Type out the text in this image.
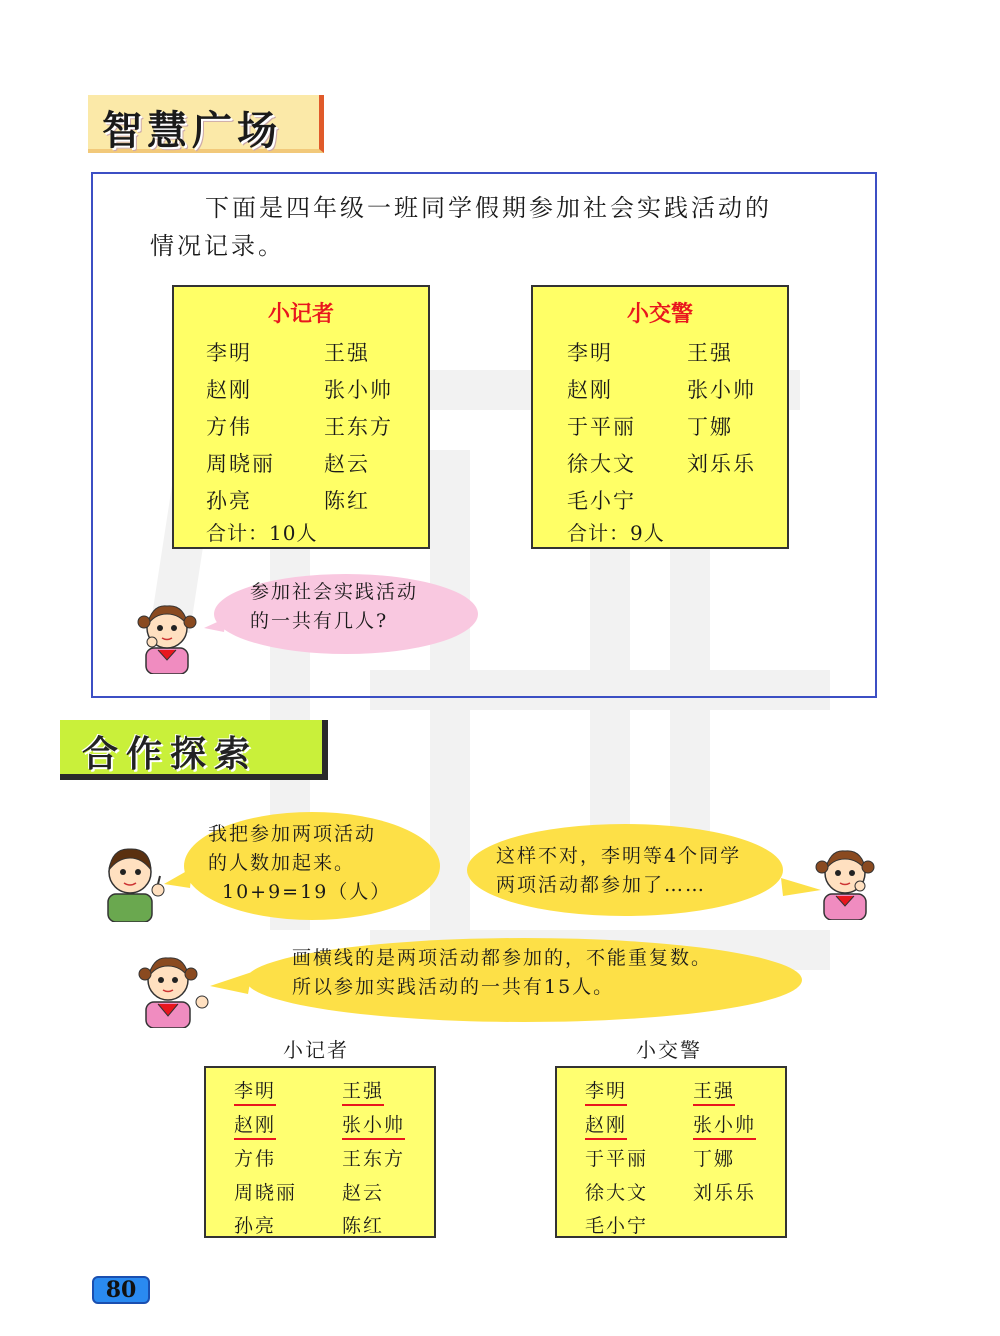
智慧广场
下面是四年级一班同学假期参加社会实践活动的
情况记录。
小记者
李明	王强
赵刚	张小帅
方伟	王东方
周晓丽 赵云
孙亮	陈红
合计：10人
小交警
李明	王强
赵刚	张小帅
于平丽 丁娜
徐大文 刘乐乐
毛小宁
合计：9人
参加社会实践活动
的一共有几人?
合作探索
我把参加两项活动
的人数加起来。
10+9=19（人）
这样不对，李明等4个同学
两项活动都参加了……
画横线的是两项活动都参加的，不能重复数。
所以参加实践活动的一共有15人。
小记者	小交警
李明	王强
赵刚	张小帅
方伟	王东方
周晓丽 赵云
孙亮	陈红
李明	王强
赵刚	张小帅
于平丽 丁娜
徐大文 刘乐乐
毛小宁
80
